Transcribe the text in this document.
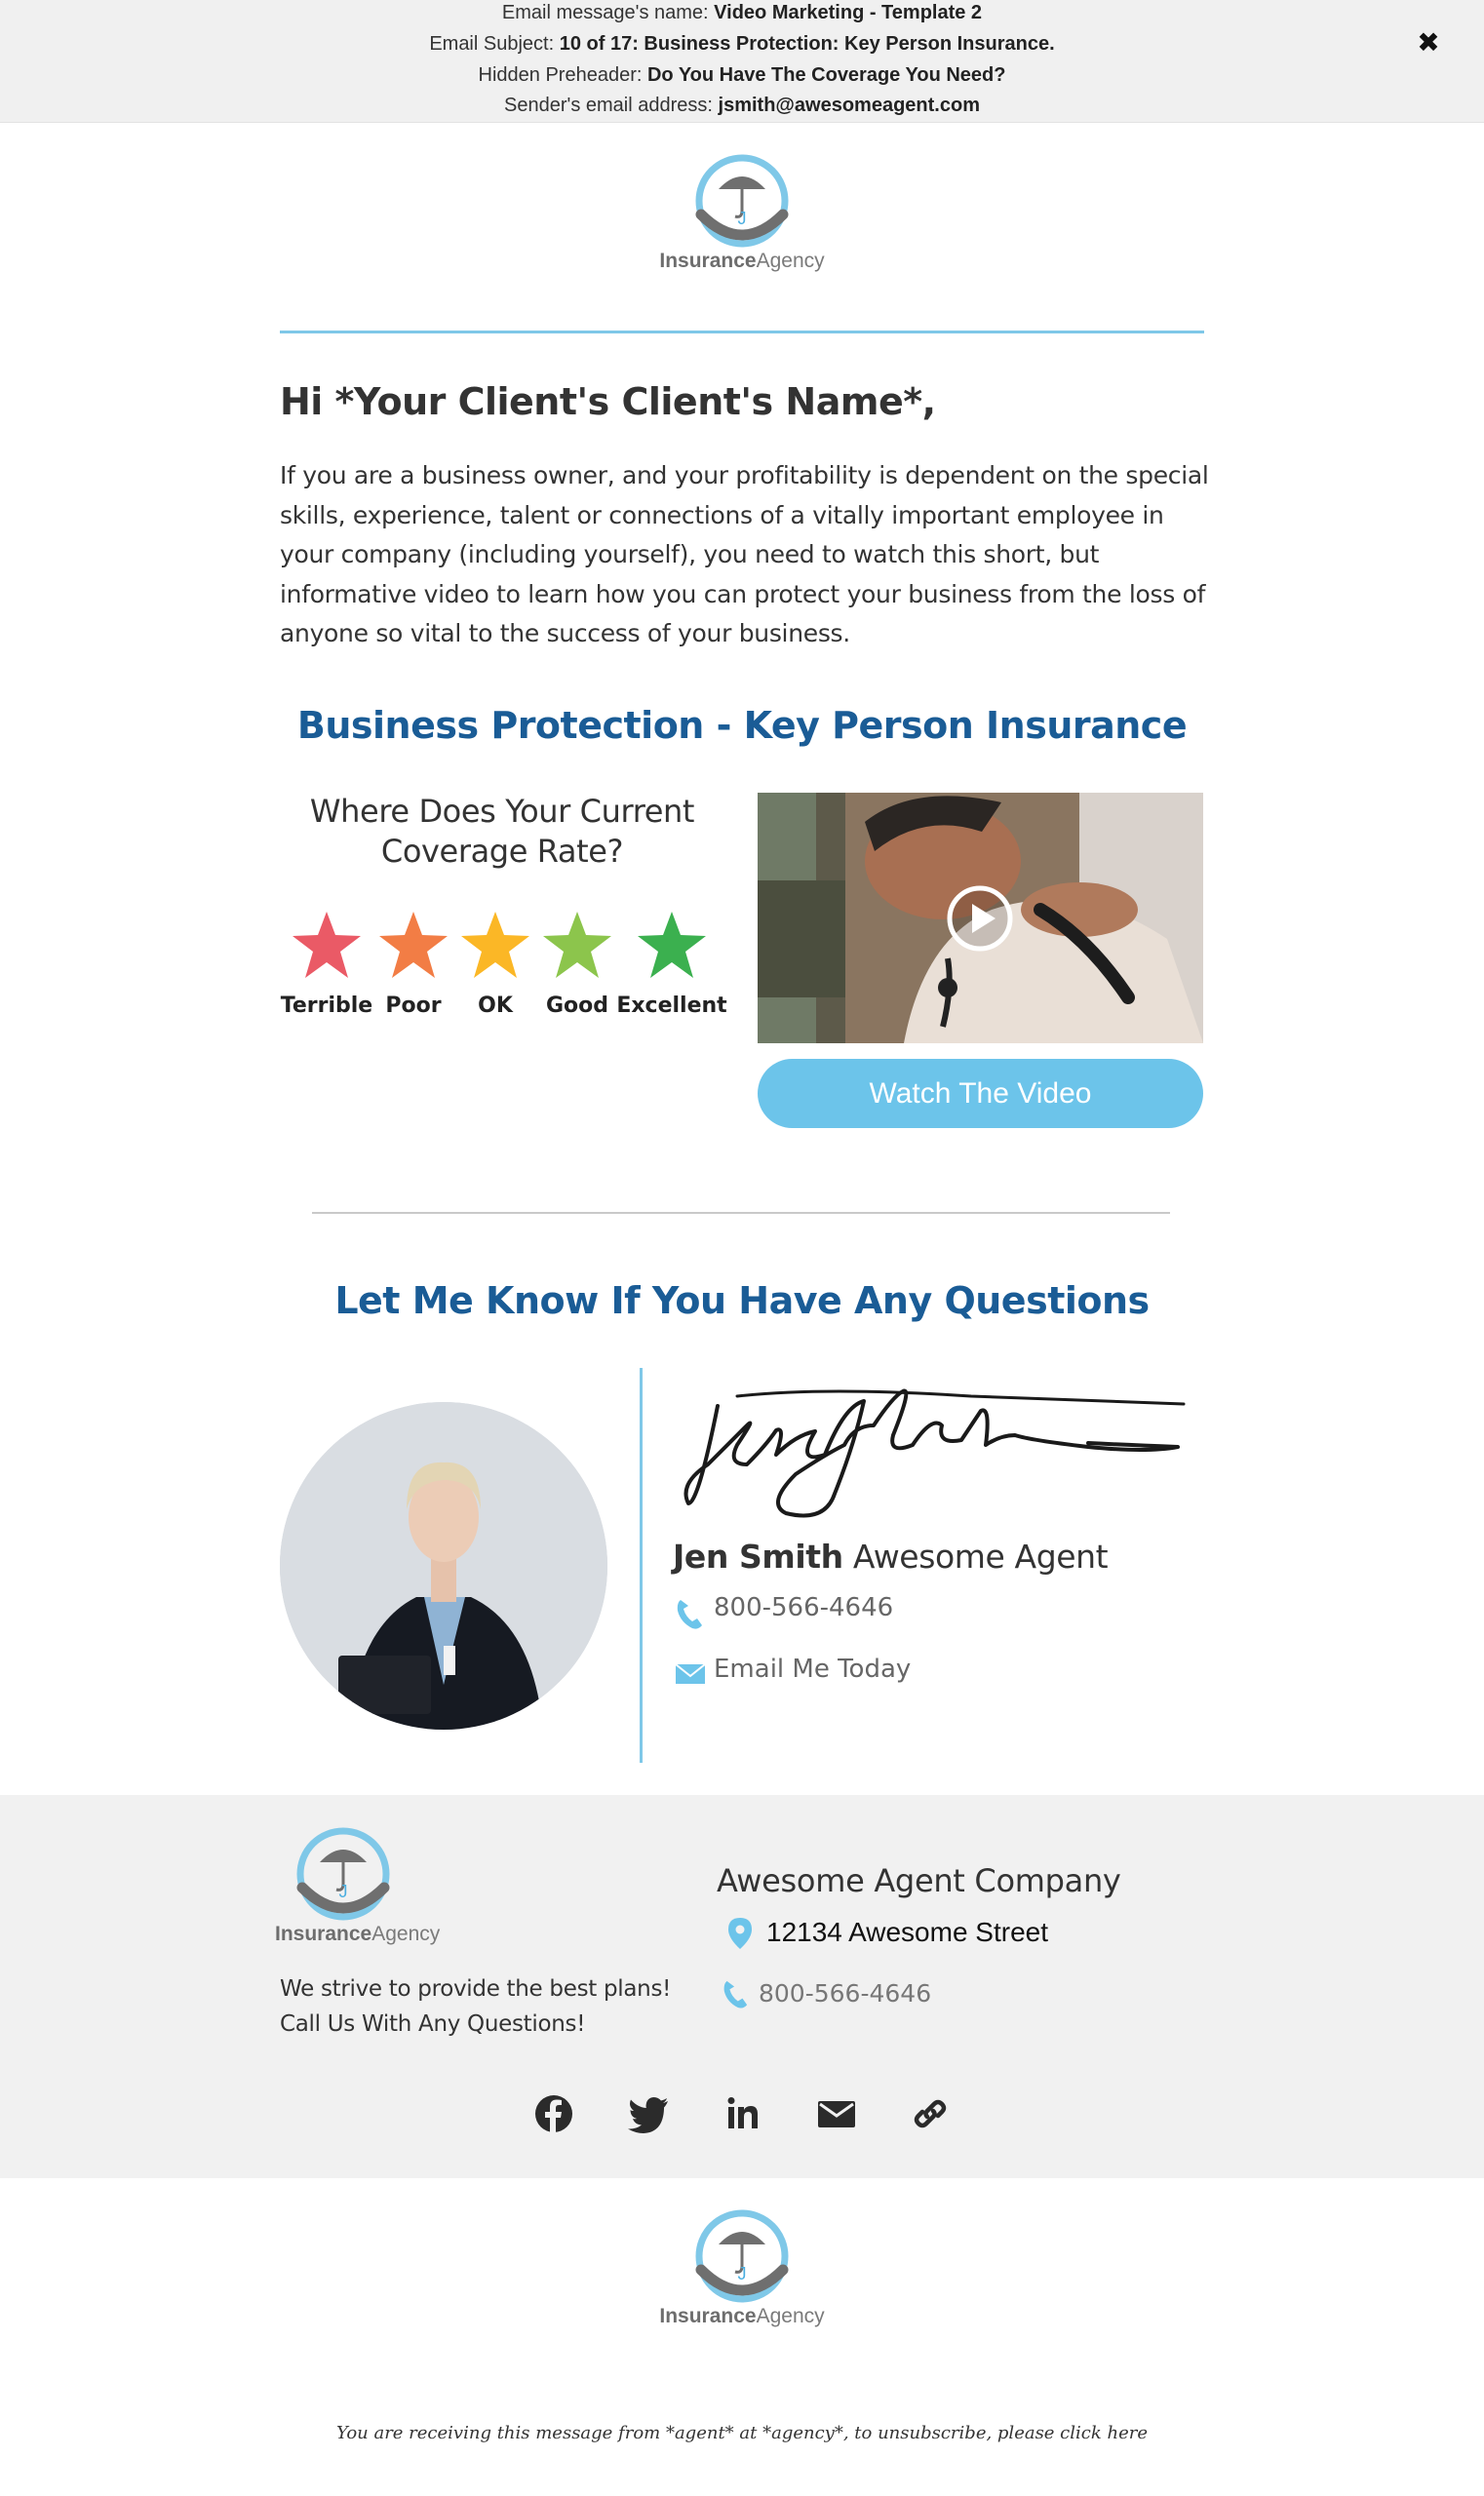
Email message's name: Video Marketing - Template 2
Email Subject: 10 of 17: Business Protection: Key Person Insurance.
Hidden Preheader: Do You Have The Coverage You Need?
Sender's email address: jsmith@awesomeagent.com
✖
J
InsuranceAgency
Hi *Your Client's Client's Name*,
If you are a business owner, and your profitability is dependent on the special skills, experience, talent or connections of a vitally important employee in your company (including yourself), you need to watch this short, but informative video to learn how you can protect your business from the loss of anyone so vital to the success of your business.
Business Protection - Key Person Insurance
Where Does Your Current Coverage Rate?
Terrible Poor	OK	Good Excellent
Watch The Video
Let Me Know If You Have Any Questions
Jen Smith Awesome Agent
800-566-4646
Email Me Today
J
InsuranceAgency
We strive to provide the best plans! Call Us With Any Questions!
Awesome Agent Company
12134 Awesome Street
800-566-4646
J
InsuranceAgency
You are receiving this message from *agent* at *agency*, to unsubscribe, please click here
